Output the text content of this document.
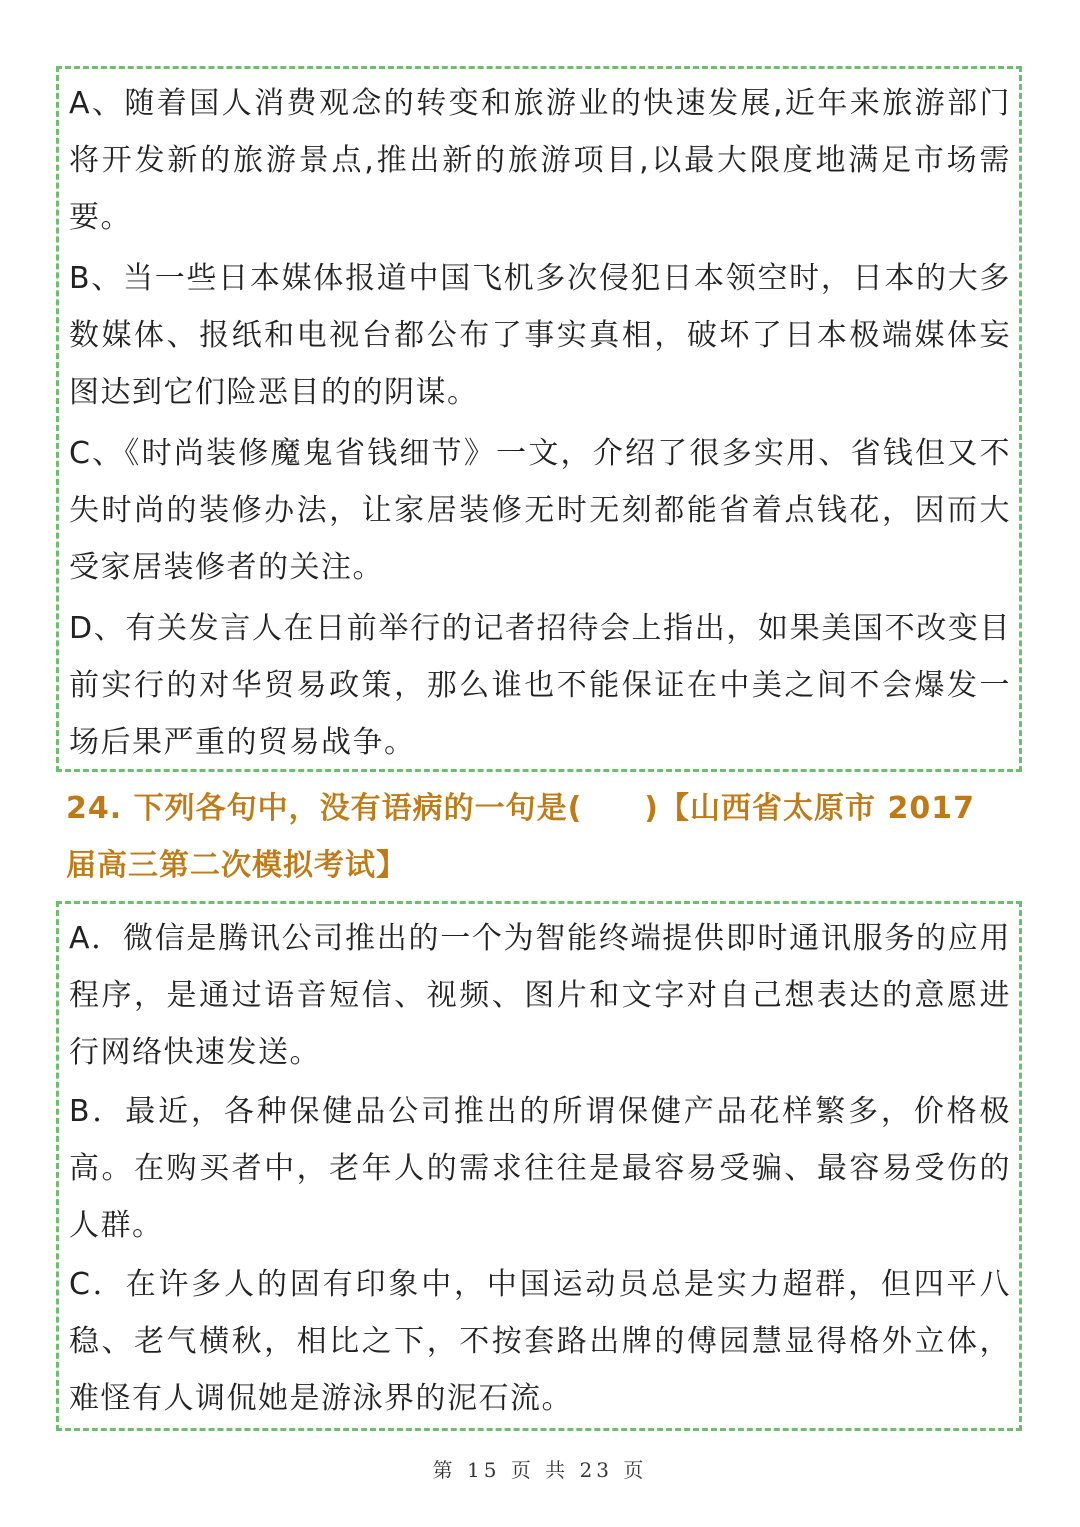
A、随着国人消费观念的转变和旅游业的快速发展,近年来旅游部门将开发新的旅游景点,推出新的旅游项目,以最大限度地满足市场需要。

B、当一些日本媒体报道中国飞机多次侵犯日本领空时，日本的大多数媒体、报纸和电视台都公布了事实真相，破坏了日本极端媒体妄图达到它们险恶目的的阴谋。

C、《时尚装修魔鬼省钱细节》一文，介绍了很多实用、省钱但又不失时尚的装修办法，让家居装修无时无刻都能省着点钱花，因而大受家居装修者的关注。

D、有关发言人在日前举行的记者招待会上指出，如果美国不改变目前实行的对华贸易政策，那么谁也不能保证在中美之间不会爆发一场后果严重的贸易战争。

24. 下列各句中，没有语病的一句是(　　)【山西省太原市 2017 届高三第二次模拟考试】

A．微信是腾讯公司推出的一个为智能终端提供即时通讯服务的应用程序，是通过语音短信、视频、图片和文字对自己想表达的意愿进行网络快速发送。

B．最近，各种保健品公司推出的所谓保健产品花样繁多，价格极高。在购买者中，老年人的需求往往是最容易受骗、最容易受伤的人群。

C．在许多人的固有印象中，中国运动员总是实力超群，但四平八稳、老气横秋，相比之下，不按套路出牌的傅园慧显得格外立体，难怪有人调侃她是游泳界的泥石流。

第 15 页 共 23 页
